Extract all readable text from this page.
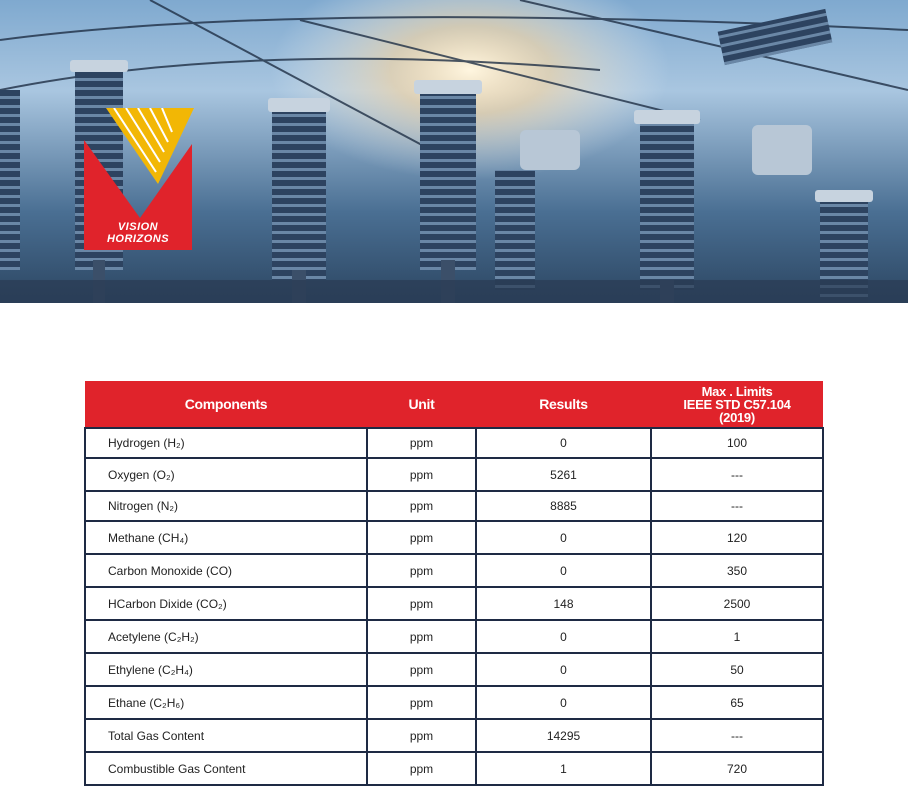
VISION
HORIZONS
Components	Unit	Results	Max . Limits
IEEE STD C57.104
(2019)

Hydrogen (H₂)	ppm	0	100
Oxygen (O₂)	ppm	5261	---
Nitrogen (N₂)	ppm	8885	---
Methane (CH₄)	ppm	0	120
Carbon Monoxide (CO)	ppm	0	350
HCarbon Dixide (CO₂)	ppm	148	2500
Acetylene (C₂H₂)	ppm	0	1
Ethylene (C₂H₄)	ppm	0	50
Ethane (C₂H₆)	ppm	0	65
Total Gas Content	ppm	14295	---
Combustible Gas Content	ppm	1	720
